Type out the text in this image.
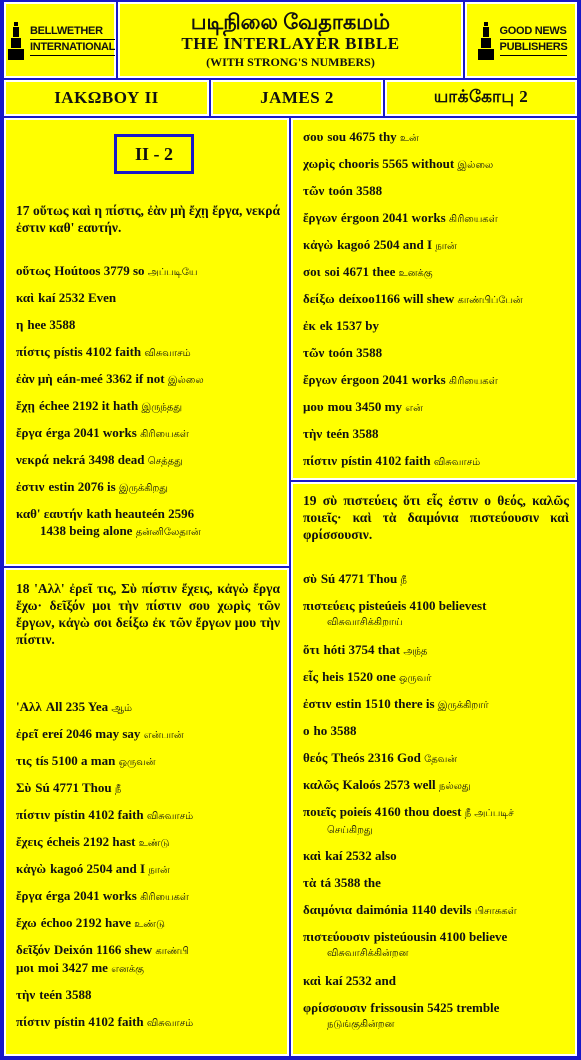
BELLWETHER
INTERNATIONAL
படிநிலை வேதாகமம்
THE INTERLAYER BIBLE
(WITH STRONG'S NUMBERS)
GOOD NEWS
PUBLISHERS
ΙΑΚΩΒΟΥ ΙΙ	JAMES 2	யாக்கோபு 2
II - 2
17 οὕτως καὶ η πίστις, ἐὰν μὴ ἔχῃ ἔργα, νεκρά ἐστιν καθ' εαυτήν.
οὕτως Hoútoos 3779 so அப்படியே
καὶ kaí 2532 Even
η hee 3588
πίστις pístis 4102 faith விசுவாசம்
ἐὰν μὴ eán-meé 3362 if not இல்லை
ἔχῃ échee 2192 it hath இருந்தது
ἔργα érga 2041 works கிரியைகள்
νεκρά nekrá 3498 dead செத்தது
ἐστιν estin 2076 is இருக்கிறது
καθ' εαυτήν kath heauteén 2596
1438 being alone தன்னிலேதான்
18 'Αλλ' ἐρεῖ τις, Σὺ πίστιν ἔχεις, κἀγὼ ἔργα ἔχω· δεῖξόν μοι τὴν πίστιν σου χωρὶς τῶν ἔργων, κἀγὼ σοι δείξω ἐκ τῶν ἔργων μου τὴν πίστιν.
'Αλλ All 235 Yea ஆம்
ἐρεῖ ereí 2046 may say என்பான்
τις tís 5100 a man ஒருவன்
Σὺ Sú 4771 Thou நீ
πίστιν pístin 4102 faith விசுவாசம்
ἔχεις écheis 2192 hast உண்டு
κἀγὼ kagoó 2504 and I நான்
ἔργα érga 2041 works கிரியைகள்
ἔχω échoo 2192 have உண்டு
δεῖξόν Deixón 1166 shew காண்பி
μοι moi 3427 me எனக்கு
τὴν teén 3588
πίστιν pístin 4102 faith விசுவாசம்
σου sou 4675 thy உன்
χωρὶς chooris 5565 without இல்லை
τῶν toón 3588
ἔργων érgoon 2041 works கிரியைகள்
κἀγὼ kagoó 2504 and I நான்
σοι soi 4671 thee உனக்கு
δείξω deíxoo1166 will shew காண்பிப்பேன்
ἐκ ek 1537 by
τῶν toón 3588
ἔργων érgoon 2041 works கிரியைகள்
μου mou 3450 my என்
τὴν teén 3588
πίστιν pístin 4102 faith விசுவாசம்
19 σὺ πιστεύεις ὅτι εἷς ἐστιν ο θεός, καλῶς ποιεῖς· καὶ τὰ δαιμόνια πιστεύουσιν καὶ φρίσσουσιν.
σὺ Sú 4771 Thou நீ
πιστεύεις pisteúeis 4100 believest
விசுவாசிக்கிறாய்
ὅτι hóti 3754 that அந்த
εἷς heis 1520 one ஒருவர்
ἐστιν estin 1510 there is இருக்கிறார்
ο ho 3588
θεός Theós 2316 God தேவன்
καλῶς Kaloós 2573 well நல்லது
ποιεῖς poieís 4160 thou doest நீ அப்படிச்
செய்கிறது
καὶ kaí 2532 also
τὰ tá 3588 the
δαιμόνια daimónia 1140 devils பிசாசுகள்
πιστεύουσιν pisteúousin 4100 believe
விசுவாசிக்கின்றன
καὶ kaí 2532 and
φρίσσουσιν frissousin 5425 tremble
நடுங்குகின்றன
